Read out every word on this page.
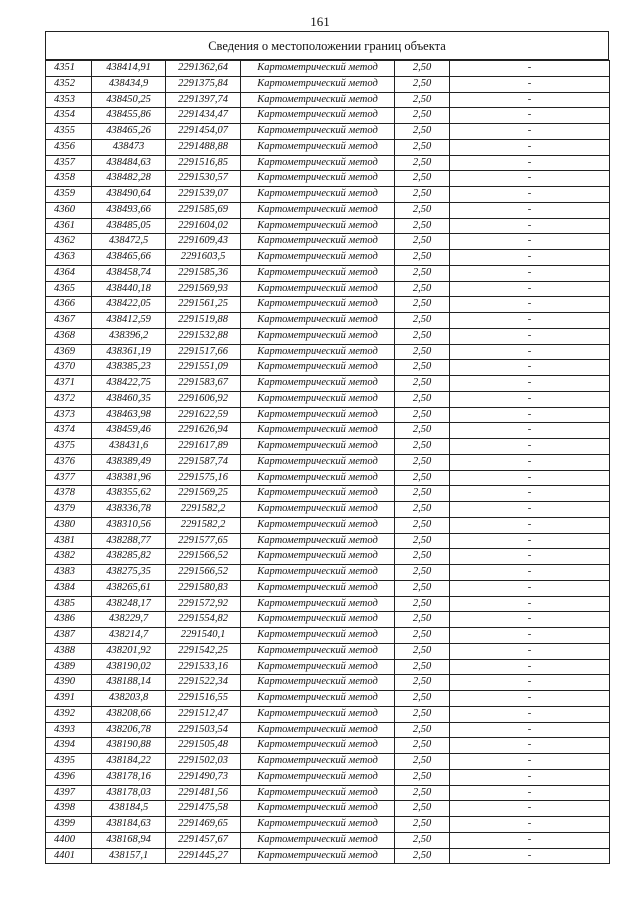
161
Сведения о местоположении границ объекта
4351	438414,91	2291362,64	Картометрический метод	2,50	-
4352	438434,9	2291375,84	Картометрический метод	2,50	-
4353	438450,25	2291397,74	Картометрический метод	2,50	-
4354	438455,86	2291434,47	Картометрический метод	2,50	-
4355	438465,26	2291454,07	Картометрический метод	2,50	-
4356	438473	2291488,88	Картометрический метод	2,50	-
4357	438484,63	2291516,85	Картометрический метод	2,50	-
4358	438482,28	2291530,57	Картометрический метод	2,50	-
4359	438490,64	2291539,07	Картометрический метод	2,50	-
4360	438493,66	2291585,69	Картометрический метод	2,50	-
4361	438485,05	2291604,02	Картометрический метод	2,50	-
4362	438472,5	2291609,43	Картометрический метод	2,50	-
4363	438465,66	2291603,5	Картометрический метод	2,50	-
4364	438458,74	2291585,36	Картометрический метод	2,50	-
4365	438440,18	2291569,93	Картометрический метод	2,50	-
4366	438422,05	2291561,25	Картометрический метод	2,50	-
4367	438412,59	2291519,88	Картометрический метод	2,50	-
4368	438396,2	2291532,88	Картометрический метод	2,50	-
4369	438361,19	2291517,66	Картометрический метод	2,50	-
4370	438385,23	2291551,09	Картометрический метод	2,50	-
4371	438422,75	2291583,67	Картометрический метод	2,50	-
4372	438460,35	2291606,92	Картометрический метод	2,50	-
4373	438463,98	2291622,59	Картометрический метод	2,50	-
4374	438459,46	2291626,94	Картометрический метод	2,50	-
4375	438431,6	2291617,89	Картометрический метод	2,50	-
4376	438389,49	2291587,74	Картометрический метод	2,50	-
4377	438381,96	2291575,16	Картометрический метод	2,50	-
4378	438355,62	2291569,25	Картометрический метод	2,50	-
4379	438336,78	2291582,2	Картометрический метод	2,50	-
4380	438310,56	2291582,2	Картометрический метод	2,50	-
4381	438288,77	2291577,65	Картометрический метод	2,50	-
4382	438285,82	2291566,52	Картометрический метод	2,50	-
4383	438275,35	2291566,52	Картометрический метод	2,50	-
4384	438265,61	2291580,83	Картометрический метод	2,50	-
4385	438248,17	2291572,92	Картометрический метод	2,50	-
4386	438229,7	2291554,82	Картометрический метод	2,50	-
4387	438214,7	2291540,1	Картометрический метод	2,50	-
4388	438201,92	2291542,25	Картометрический метод	2,50	-
4389	438190,02	2291533,16	Картометрический метод	2,50	-
4390	438188,14	2291522,34	Картометрический метод	2,50	-
4391	438203,8	2291516,55	Картометрический метод	2,50	-
4392	438208,66	2291512,47	Картометрический метод	2,50	-
4393	438206,78	2291503,54	Картометрический метод	2,50	-
4394	438190,88	2291505,48	Картометрический метод	2,50	-
4395	438184,22	2291502,03	Картометрический метод	2,50	-
4396	438178,16	2291490,73	Картометрический метод	2,50	-
4397	438178,03	2291481,56	Картометрический метод	2,50	-
4398	438184,5	2291475,58	Картометрический метод	2,50	-
4399	438184,63	2291469,65	Картометрический метод	2,50	-
4400	438168,94	2291457,67	Картометрический метод	2,50	-
4401	438157,1	2291445,27	Картометрический метод	2,50	-
